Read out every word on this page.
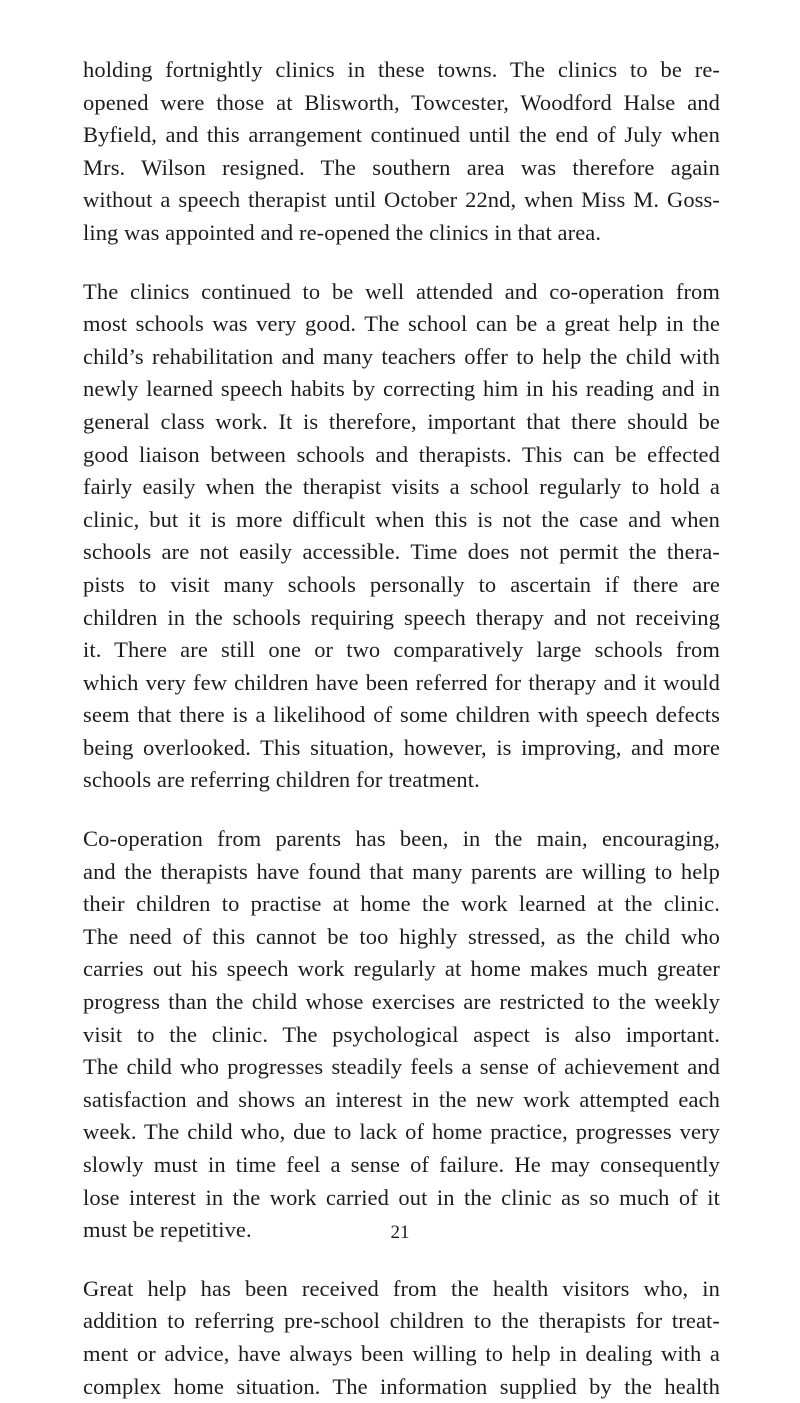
holding fortnightly clinics in these towns. The clinics to be re-
opened were those at Blisworth, Towcester, Woodford Halse and
Byfield, and this arrangement continued until the end of July when
Mrs. Wilson resigned. The southern area was therefore again
without a speech therapist until October 22nd, when Miss M. Goss-
ling was appointed and re-opened the clinics in that area.
The clinics continued to be well attended and co-operation from
most schools was very good. The school can be a great help in the
child’s rehabilitation and many teachers offer to help the child with
newly learned speech habits by correcting him in his reading and in
general class work. It is therefore, important that there should be
good liaison between schools and therapists. This can be effected
fairly easily when the therapist visits a school regularly to hold a
clinic, but it is more difficult when this is not the case and when
schools are not easily accessible. Time does not permit the thera-
pists to visit many schools personally to ascertain if there are
children in the schools requiring speech therapy and not receiving
it. There are still one or two comparatively large schools from
which very few children have been referred for therapy and it would
seem that there is a likelihood of some children with speech defects
being overlooked. This situation, however, is improving, and more
schools are referring children for treatment.
Co-operation from parents has been, in the main, encouraging,
and the therapists have found that many parents are willing to help
their children to practise at home the work learned at the clinic.
The need of this cannot be too highly stressed, as the child who
carries out his speech work regularly at home makes much greater
progress than the child whose exercises are restricted to the weekly
visit to the clinic. The psychological aspect is also important.
The child who progresses steadily feels a sense of achievement and
satisfaction and shows an interest in the new work attempted each
week. The child who, due to lack of home practice, progresses very
slowly must in time feel a sense of failure. He may consequently
lose interest in the work carried out in the clinic as so much of it
must be repetitive.
Great help has been received from the health visitors who, in
addition to referring pre-school children to the therapists for treat-
ment or advice, have always been willing to help in dealing with a
complex home situation. The information supplied by the health
21
